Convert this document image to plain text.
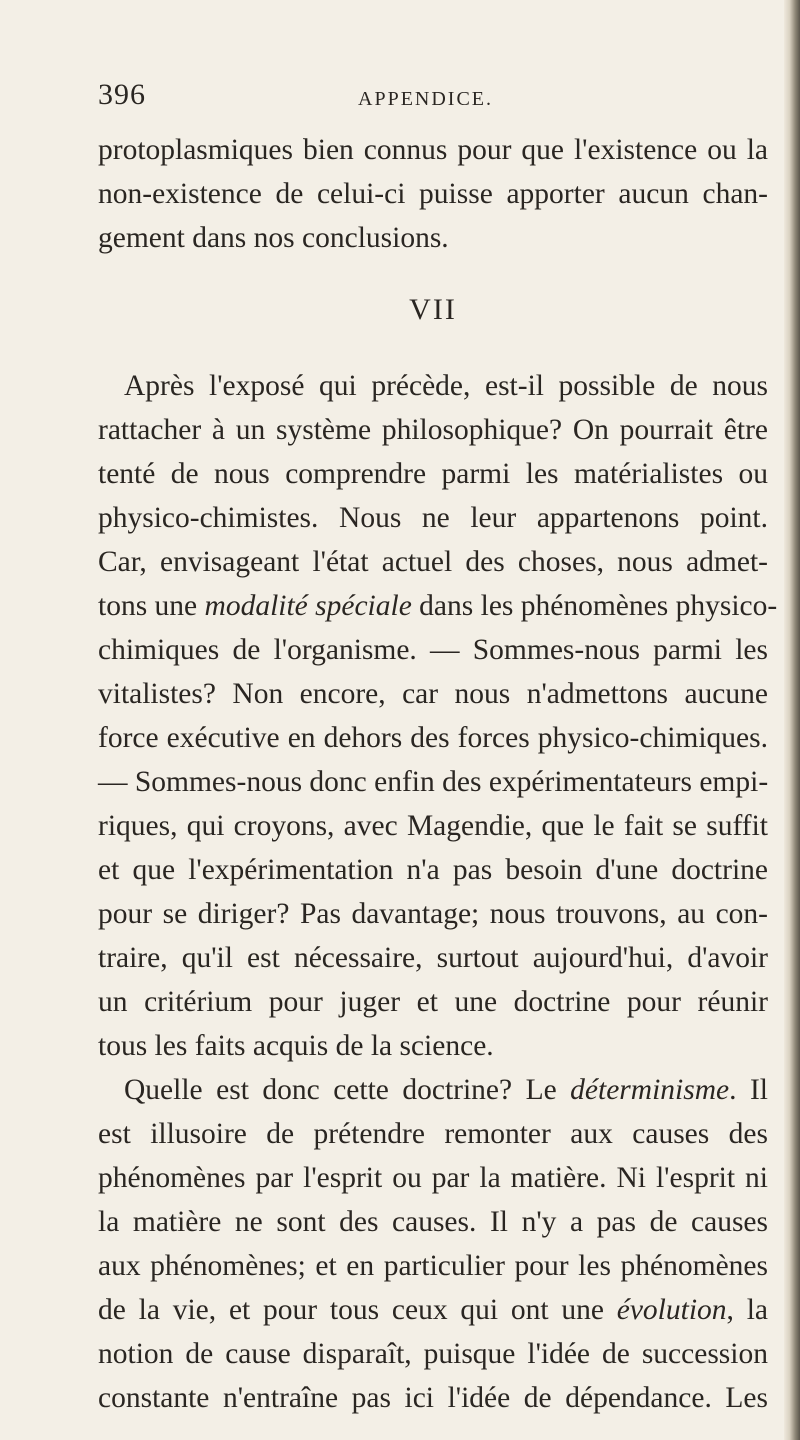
396	APPENDICE.
protoplasmiques bien connus pour que l'existence ou la
non-existence de celui-ci puisse apporter aucun chan-
gement dans nos conclusions.
VII
Après l'exposé qui précède, est-il possible de nous
rattacher à un système philosophique? On pourrait être
tenté de nous comprendre parmi les matérialistes ou
physico-chimistes. Nous ne leur appartenons point.
Car, envisageant l'état actuel des choses, nous admet-
tons une modalité spéciale dans les phénomènes physico-
chimiques de l'organisme. — Sommes-nous parmi les
vitalistes? Non encore, car nous n'admettons aucune
force exécutive en dehors des forces physico-chimiques.
— Sommes-nous donc enfin des expérimentateurs empi-
riques, qui croyons, avec Magendie, que le fait se suffit
et que l'expérimentation n'a pas besoin d'une doctrine
pour se diriger? Pas davantage; nous trouvons, au con-
traire, qu'il est nécessaire, surtout aujourd'hui, d'avoir
un critérium pour juger et une doctrine pour réunir
tous les faits acquis de la science.
Quelle est donc cette doctrine? Le déterminisme. Il
est illusoire de prétendre remonter aux causes des
phénomènes par l'esprit ou par la matière. Ni l'esprit ni
la matière ne sont des causes. Il n'y a pas de causes
aux phénomènes; et en particulier pour les phénomènes
de la vie, et pour tous ceux qui ont une évolution, la
notion de cause disparaît, puisque l'idée de succession
constante n'entraîne pas ici l'idée de dépendance. Les
